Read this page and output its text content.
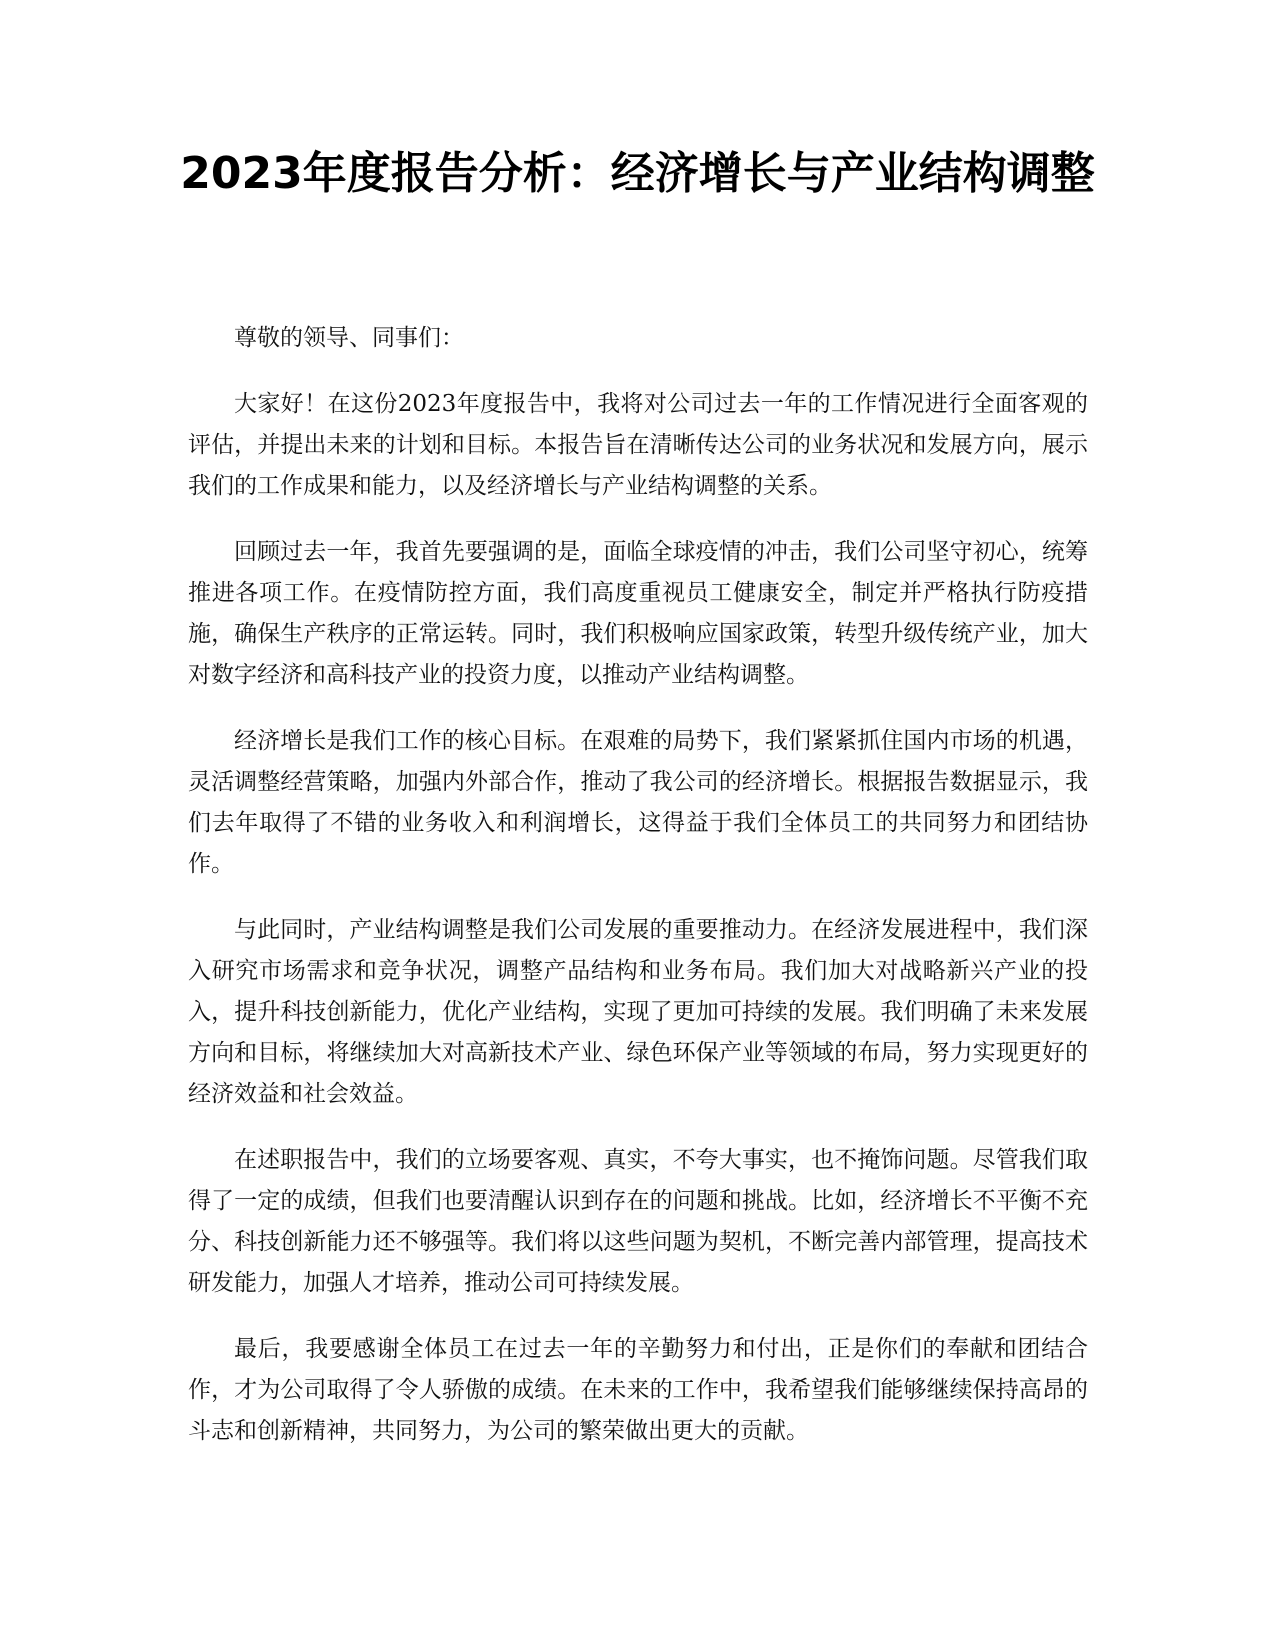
2023年度报告分析：经济增长与产业结构调整

尊敬的领导、同事们：

大家好！在这份2023年度报告中，我将对公司过去一年的工作情况进行全面客观的评估，并提出未来的计划和目标。本报告旨在清晰传达公司的业务状况和发展方向，展示我们的工作成果和能力，以及经济增长与产业结构调整的关系。

回顾过去一年，我首先要强调的是，面临全球疫情的冲击，我们公司坚守初心，统筹推进各项工作。在疫情防控方面，我们高度重视员工健康安全，制定并严格执行防疫措施，确保生产秩序的正常运转。同时，我们积极响应国家政策，转型升级传统产业，加大对数字经济和高科技产业的投资力度，以推动产业结构调整。

经济增长是我们工作的核心目标。在艰难的局势下，我们紧紧抓住国内市场的机遇，灵活调整经营策略，加强内外部合作，推动了我公司的经济增长。根据报告数据显示，我们去年取得了不错的业务收入和利润增长，这得益于我们全体员工的共同努力和团结协作。

与此同时，产业结构调整是我们公司发展的重要推动力。在经济发展进程中，我们深入研究市场需求和竞争状况，调整产品结构和业务布局。我们加大对战略新兴产业的投入，提升科技创新能力，优化产业结构，实现了更加可持续的发展。我们明确了未来发展方向和目标，将继续加大对高新技术产业、绿色环保产业等领域的布局，努力实现更好的经济效益和社会效益。

在述职报告中，我们的立场要客观、真实，不夸大事实，也不掩饰问题。尽管我们取得了一定的成绩，但我们也要清醒认识到存在的问题和挑战。比如，经济增长不平衡不充分、科技创新能力还不够强等。我们将以这些问题为契机，不断完善内部管理，提高技术研发能力，加强人才培养，推动公司可持续发展。

最后，我要感谢全体员工在过去一年的辛勤努力和付出，正是你们的奉献和团结合作，才为公司取得了令人骄傲的成绩。在未来的工作中，我希望我们能够继续保持高昂的斗志和创新精神，共同努力，为公司的繁荣做出更大的贡献。
